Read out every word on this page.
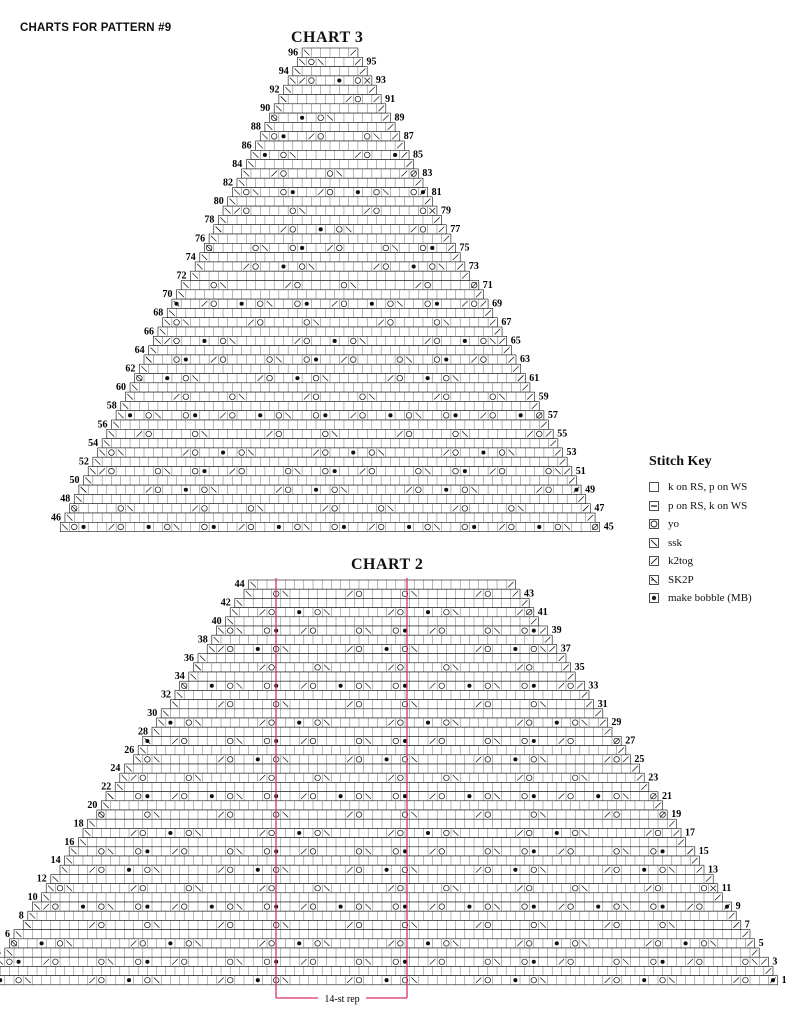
CHARTS FOR PATTERN #9
96
95
94
93
92
91
90
89
88
87
86
85
84
83
82
81
80
79
78
77
76
75
74
73
72
71
70
69
68
67
66
65
64
63
62
61
60
59
58
57
56
55
54
53
52
51
50
49
48
47
46
45
44
43
42
41
40
39
38
37
36
35
34
33
32
31
30
29
28
27
26
25
24
23
22
21
20
19
18
17
16
15
14
13
12
11
10
9
8
7
6
5
3
1
14-st rep
CHART 3
CHART 2
Stitch Key
k on RS, p on WS
p on RS, k on WS
yo
ssk
k2tog
SK2P
make bobble (MB)
